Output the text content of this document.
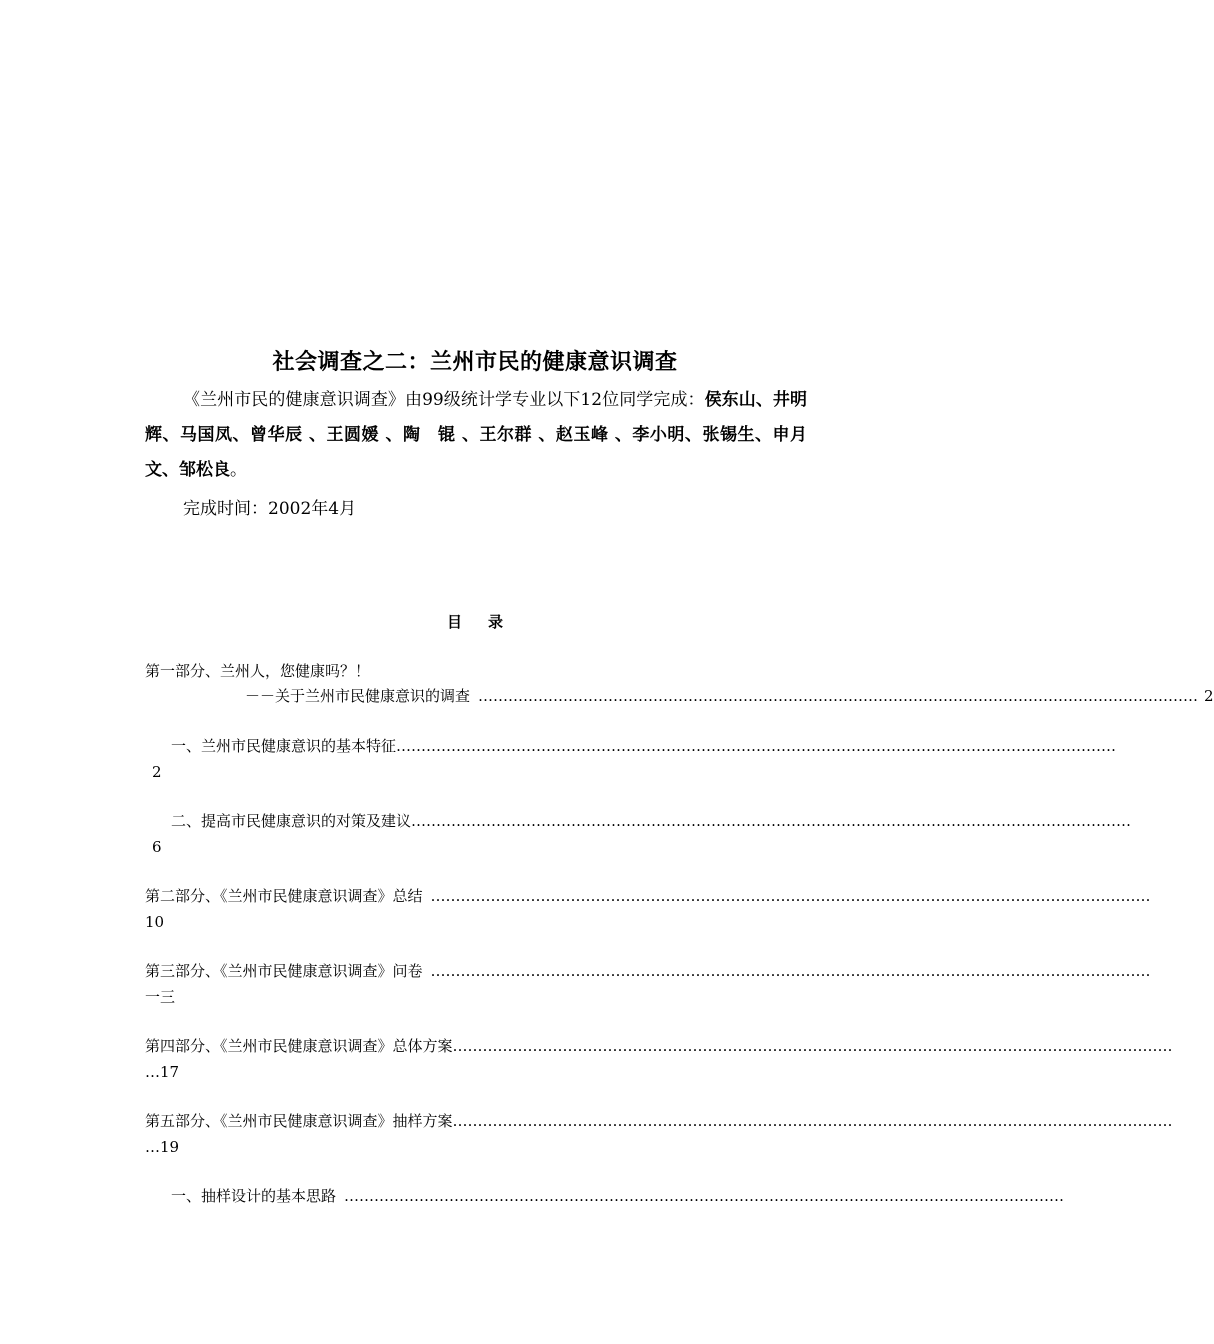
社会调查之二：兰州市民的健康意识调查

《兰州市民的健康意识调查》由99级统计学专业以下12位同学完成：侯东山、井明辉、马国凤、曾华辰 、王圆媛 、陶　锟 、王尔群 、赵玉峰 、李小明、张锡生、申月文、邹松良。

完成时间：2002年4月
目录
第一部分、兰州人，您健康吗？！
－－关于兰州市民健康意识的调查 ……………………………………………………………………………………………………………………………… 2
一、兰州市民健康意识的基本特征 ………………………………………………………………………………………………………………………………
2
二、提高市民健康意识的对策及建议 ………………………………………………………………………………………………………………………………
6
第二部分、《兰州市民健康意识调查》总结 ………………………………………………………………………………………………………………………………
10
第三部分、《兰州市民健康意识调查》问卷 ………………………………………………………………………………………………………………………………
一三
第四部分、《兰州市民健康意识调查》总体方案 ………………………………………………………………………………………………………………………………
…17
第五部分、《兰州市民健康意识调查》抽样方案 ………………………………………………………………………………………………………………………………
…19
一、抽样设计的基本思路 ………………………………………………………………………………………………………………………………
